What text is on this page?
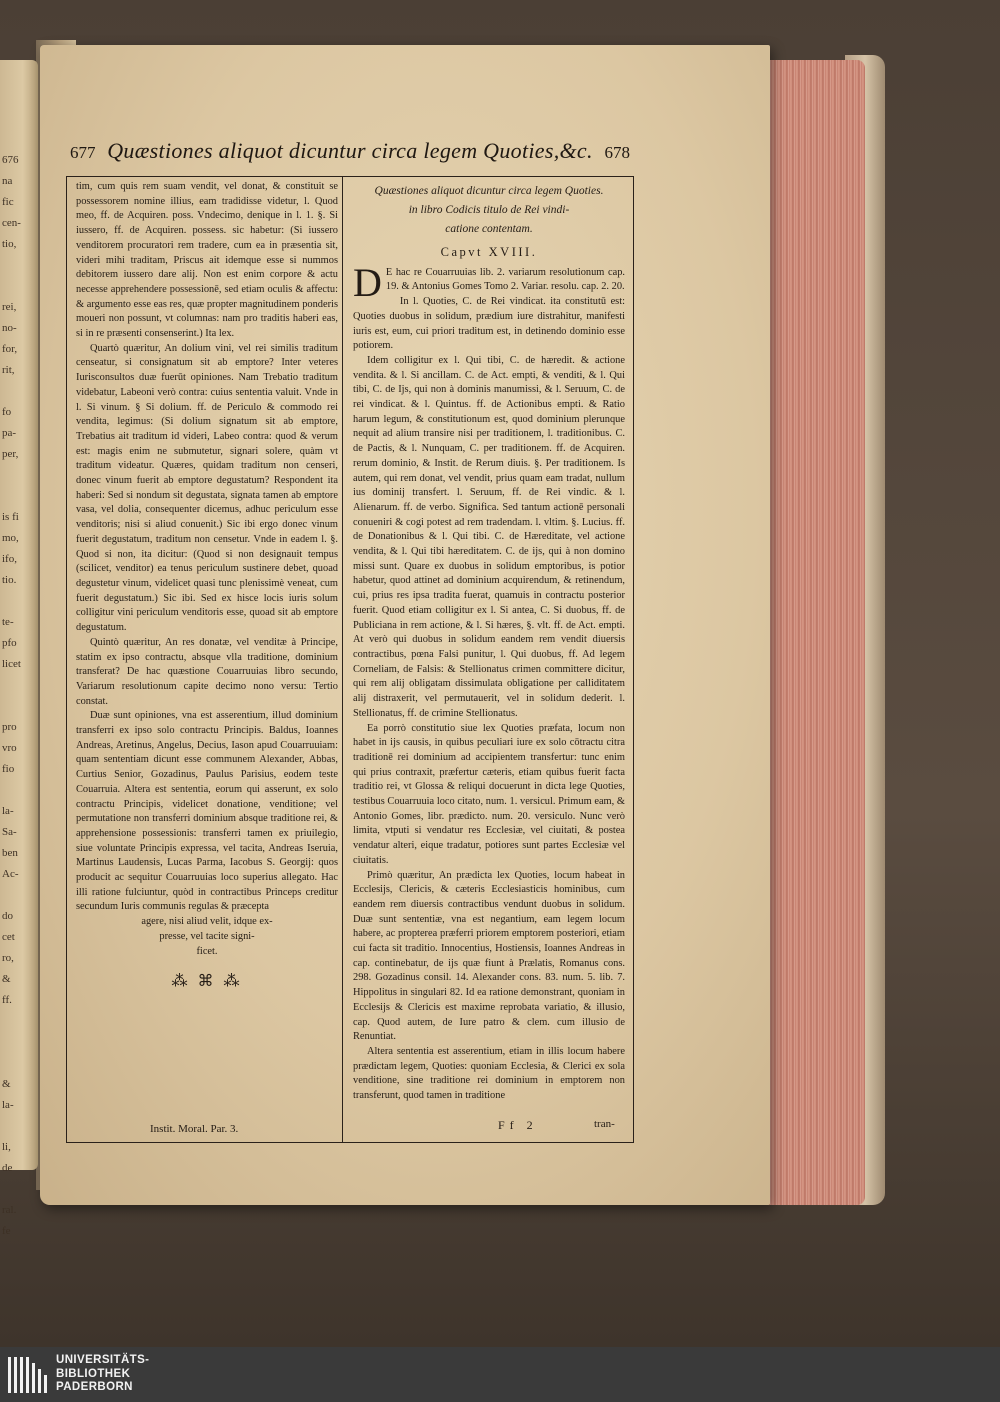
676
na
fic
cen-
tio,

rei,
no-
for,
rit,

fo
pa-
per,

is fi
mo,
ifo,
tio.

te-
pfo
licet

pro
vro
fio

la-
Sa-
ben
Ac-

do
cet
ro,
&
ff.

&
la-

li,
de

ral.
fe
677 Quæstiones aliquot dicuntur circa legem Quoties,&c. 678

tim, cum quis rem suam vendit, vel donat, & constituit se possessorem nomine illius, eam tradidisse videtur, l. Quod meo, ff. de Acquiren. poss. Vndecimo, denique in l. 1. §. Si iussero, ff. de Acquiren. possess. sic habetur: (Si iussero venditorem procuratori rem tradere, cum ea in præsentia sit, videri mihi traditam, Priscus ait idemque esse si nummos debitorem iussero dare alij. Non est enim corpore & actu necesse apprehendere possessionē, sed etiam oculis & affectu: & argumento esse eas res, quæ propter magnitudinem ponderis moueri non possunt, vt columnas: nam pro traditis haberi eas, si in re præsenti consenserint.) Ita lex.

Quartò quæritur, An dolium vini, vel rei similis traditum censeatur, si consignatum sit ab emptore? Inter veteres Iurisconsultos duæ fuerūt opiniones. Nam Trebatio traditum videbatur, Labeoni verò contra: cuius sententia valuit. Vnde in l. Si vinum. § Si dolium. ff. de Periculo & commodo rei vendita, legimus: (Si dolium signatum sit ab emptore, Trebatius ait traditum id videri, Labeo contra: quod & verum est: magis enim ne submutetur, signari solere, quàm vt traditum videatur. Quæres, quidam traditum non censeri, donec vinum fuerit ab emptore degustatum? Respondent ita haberi: Sed si nondum sit degustata, signata tamen ab emptore vasa, vel dolia, consequenter dicemus, adhuc periculum esse venditoris; nisi si aliud conuenit.) Sic ibi ergo donec vinum fuerit degustatum, traditum non censetur. Vnde in eadem l. §. Quod si non, ita dicitur: (Quod si non designauit tempus (scilicet, venditor) ea tenus periculum sustinere debet, quoad degustetur vinum, videlicet quasi tunc plenissimè veneat, cum fuerit degustatum.) Sic ibi. Sed ex hisce locis iuris solum colligitur vini periculum venditoris esse, quoad sit ab emptore degustatum.

Quintò quæritur, An res donatæ, vel venditæ à Principe, statim ex ipso contractu, absque vlla traditione, dominium transferat? De hac quæstione Couarruuias libro secundo, Variarum resolutionum capite decimo nono versu: Tertio constat.

Duæ sunt opiniones, vna est asserentium, illud dominium transferri ex ipso solo contractu Principis. Baldus, Ioannes Andreas, Aretinus, Angelus, Decius, Iason apud Couarruuiam: quam sententiam dicunt esse communem Alexander, Abbas, Curtius Senior, Gozadinus, Paulus Parisius, eodem teste Couarruia. Altera est sententia, eorum qui asserunt, ex solo contractu Principis, videlicet donatione, venditione; vel permutatione non transferri dominium absque traditione rei, & apprehensione possessionis: transferri tamen ex priuilegio, siue voluntate Principis expressa, vel tacita, Andreas Iseruia, Martinus Laudensis, Lucas Parma, Iacobus S. Georgij: quos producit ac sequitur Couarruuias loco superius allegato. Hac illi ratione fulciuntur, quòd in contractibus Princeps creditur secundum Iuris communis regulas & præcepta

agere, nisi aliud velit, idque ex-
presse, vel tacite signi-
ficet.
⁂ ⌘ ⁂
Quæstiones aliquot dicuntur circa legem Quoties.
in libro Codicis titulo de Rei vindi-
catione contentam.
Capvt XVIII.
D E hac re Couarruuias lib. 2. variarum resolutionum cap. 19. & Antonius Gomes Tomo 2. Variar. resolu. cap. 2. 20.

In l. Quoties, C. de Rei vindicat. ita constitutū est: Quoties duobus in solidum, prædium iure distrahitur, manifesti iuris est, eum, cui priori traditum est, in detinendo dominio esse potiorem.

Idem colligitur ex l. Qui tibi, C. de hæredit. & actione vendita. & l. Si ancillam. C. de Act. empti, & venditi, & l. Qui tibi, C. de Ijs, qui non à dominis manumissi, & l. Seruum, C. de rei vindicat. & l. Quintus. ff. de Actionibus empti. & Ratio harum legum, & constitutionum est, quod dominium plerunque nequit ad alium transire nisi per traditionem, l. traditionibus. C. de Pactis, & l. Nunquam, C. per traditionem. ff. de Acquiren. rerum dominio, & Instit. de Rerum diuis. §. Per traditionem. Is autem, qui rem donat, vel vendit, prius quam eam tradat, nullum ius dominij transfert. l. Seruum, ff. de Rei vindic. & l. Alienarum. ff. de verbo. Significa. Sed tantum actionē personali conueniri & cogi potest ad rem tradendam. l. vltim. §. Lucius. ff. de Donationibus & l. Qui tibi. C. de Hæreditate, vel actione vendita, & l. Qui tibi hæreditatem. C. de ijs, qui à non domino missi sunt. Quare ex duobus in solidum emptoribus, is potior habetur, quod attinet ad dominium acquirendum, & retinendum, cui, prius res ipsa tradita fuerat, quamuis in contractu posterior fuerit. Quod etiam colligitur ex l. Si antea, C. Si duobus, ff. de Publiciana in rem actione, & l. Si hæres, §. vlt. ff. de Act. empti. At verò qui duobus in solidum eandem rem vendit diuersis contractibus, pœna Falsi punitur, l. Qui duobus, ff. Ad legem Corneliam, de Falsis: & Stellionatus crimen committere dicitur, qui rem alij obligatam dissimulata obligatione per calliditatem alij distraxerit, vel permutauerit, vel in solidum dederit. l. Stellionatus, ff. de crimine Stellionatus.

Ea porrò constitutio siue lex Quoties præfata, locum non habet in ijs causis, in quibus peculiari iure ex solo cōtractu citra traditionē rei dominium ad accipientem transfertur: tunc enim qui prius contraxit, præfertur cæteris, etiam quibus fuerit facta traditio rei, vt Glossa & reliqui docuerunt in dicta lege Quoties, testibus Couarruuia loco citato, num. 1. versicul. Primum eam, & Antonio Gomes, libr. prædicto. num. 20. versiculo. Nunc verò limita, vtputi si vendatur res Ecclesiæ, vel ciuitati, & postea vendatur alteri, eique tradatur, potiores sunt partes Ecclesiæ vel ciuitatis.

Primò quæritur, An prædicta lex Quoties, locum habeat in Ecclesijs, Clericis, & cæteris Ecclesiasticis hominibus, cum eandem rem diuersis contractibus vendunt duobus in solidum. Duæ sunt sententiæ, vna est negantium, eam legem locum habere, ac propterea præferri priorem emptorem posteriori, etiam cui facta sit traditio. Innocentius, Hostiensis, Ioannes Andreas in cap. continebatur, de ijs quæ fiunt à Prælatis, Romanus cons. 298. Gozadinus consil. 14. Alexander cons. 83. num. 5. lib. 7. Hippolitus in singulari 82. Id ea ratione demonstrant, quoniam in Ecclesijs & Clericis est maxime reprobata variatio, & illusio, cap. Quod autem, de Iure patro & clem. cum illusio de Renuntiat.

Altera sententia est asserentium, etiam in illis locum habere prædictam legem, Quoties: quoniam Ecclesia, & Clerici ex sola venditione, sine traditione rei dominium in emptorem non transferunt, quod tamen in traditione

Instit. Moral. Par. 3.	Ff 2	tran-
UNIVERSITÄTS-
BIBLIOTHEK
PADERBORN
